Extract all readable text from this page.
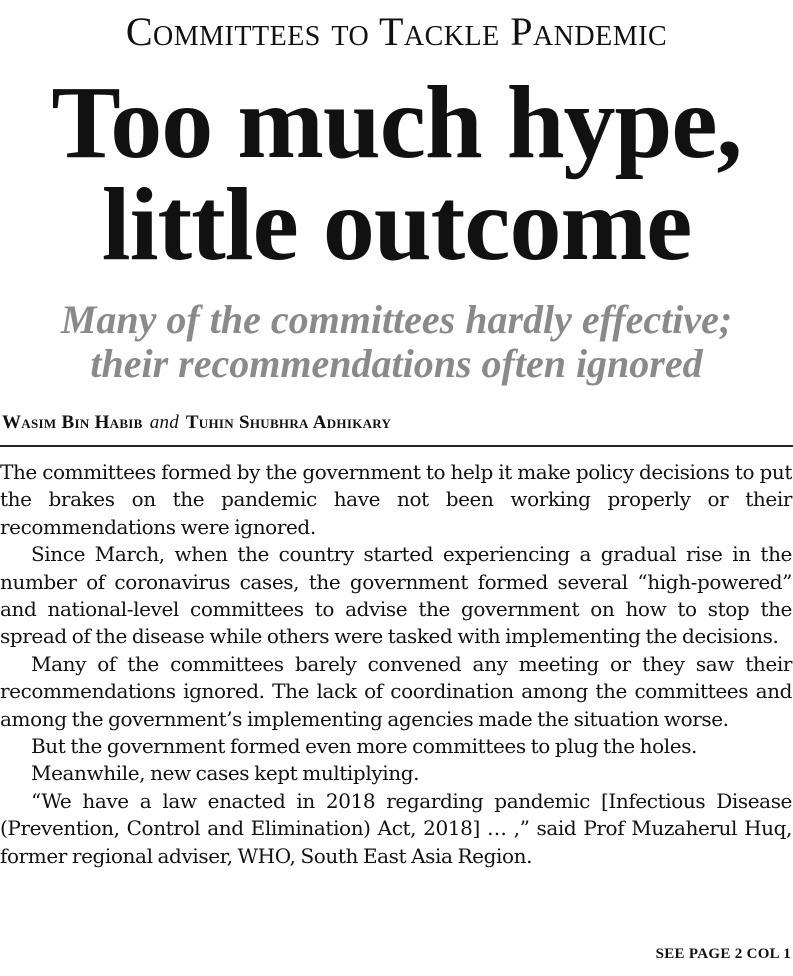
Committees to Tackle Pandemic
Too much hype,
little outcome
Many of the committees hardly effective;
their recommendations often ignored
Wasim Bin Habib and Tuhin Shubhra Adhikary

The committees formed by the government to help it make policy decisions to put the brakes on the pandemic have not been working properly or their recommendations were ignored.

Since March, when the country started experiencing a gradual rise in the number of coronavirus cases, the government formed several “high-powered” and national-level committees to advise the government on how to stop the spread of the disease while others were tasked with implementing the decisions.

Many of the committees barely convened any meeting or they saw their recommendations ignored. The lack of coordination among the committees and among the government’s implementing agencies made the situation worse.

But the government formed even more committees to plug the holes.

Meanwhile, new cases kept multiplying.

“We have a law enacted in 2018 regarding pandemic [Infectious Disease (Prevention, Control and Elimination) Act, 2018] … ,” said Prof Muzaherul Huq, former regional adviser, WHO, South East Asia Region.

SEE PAGE 2 COL 1
